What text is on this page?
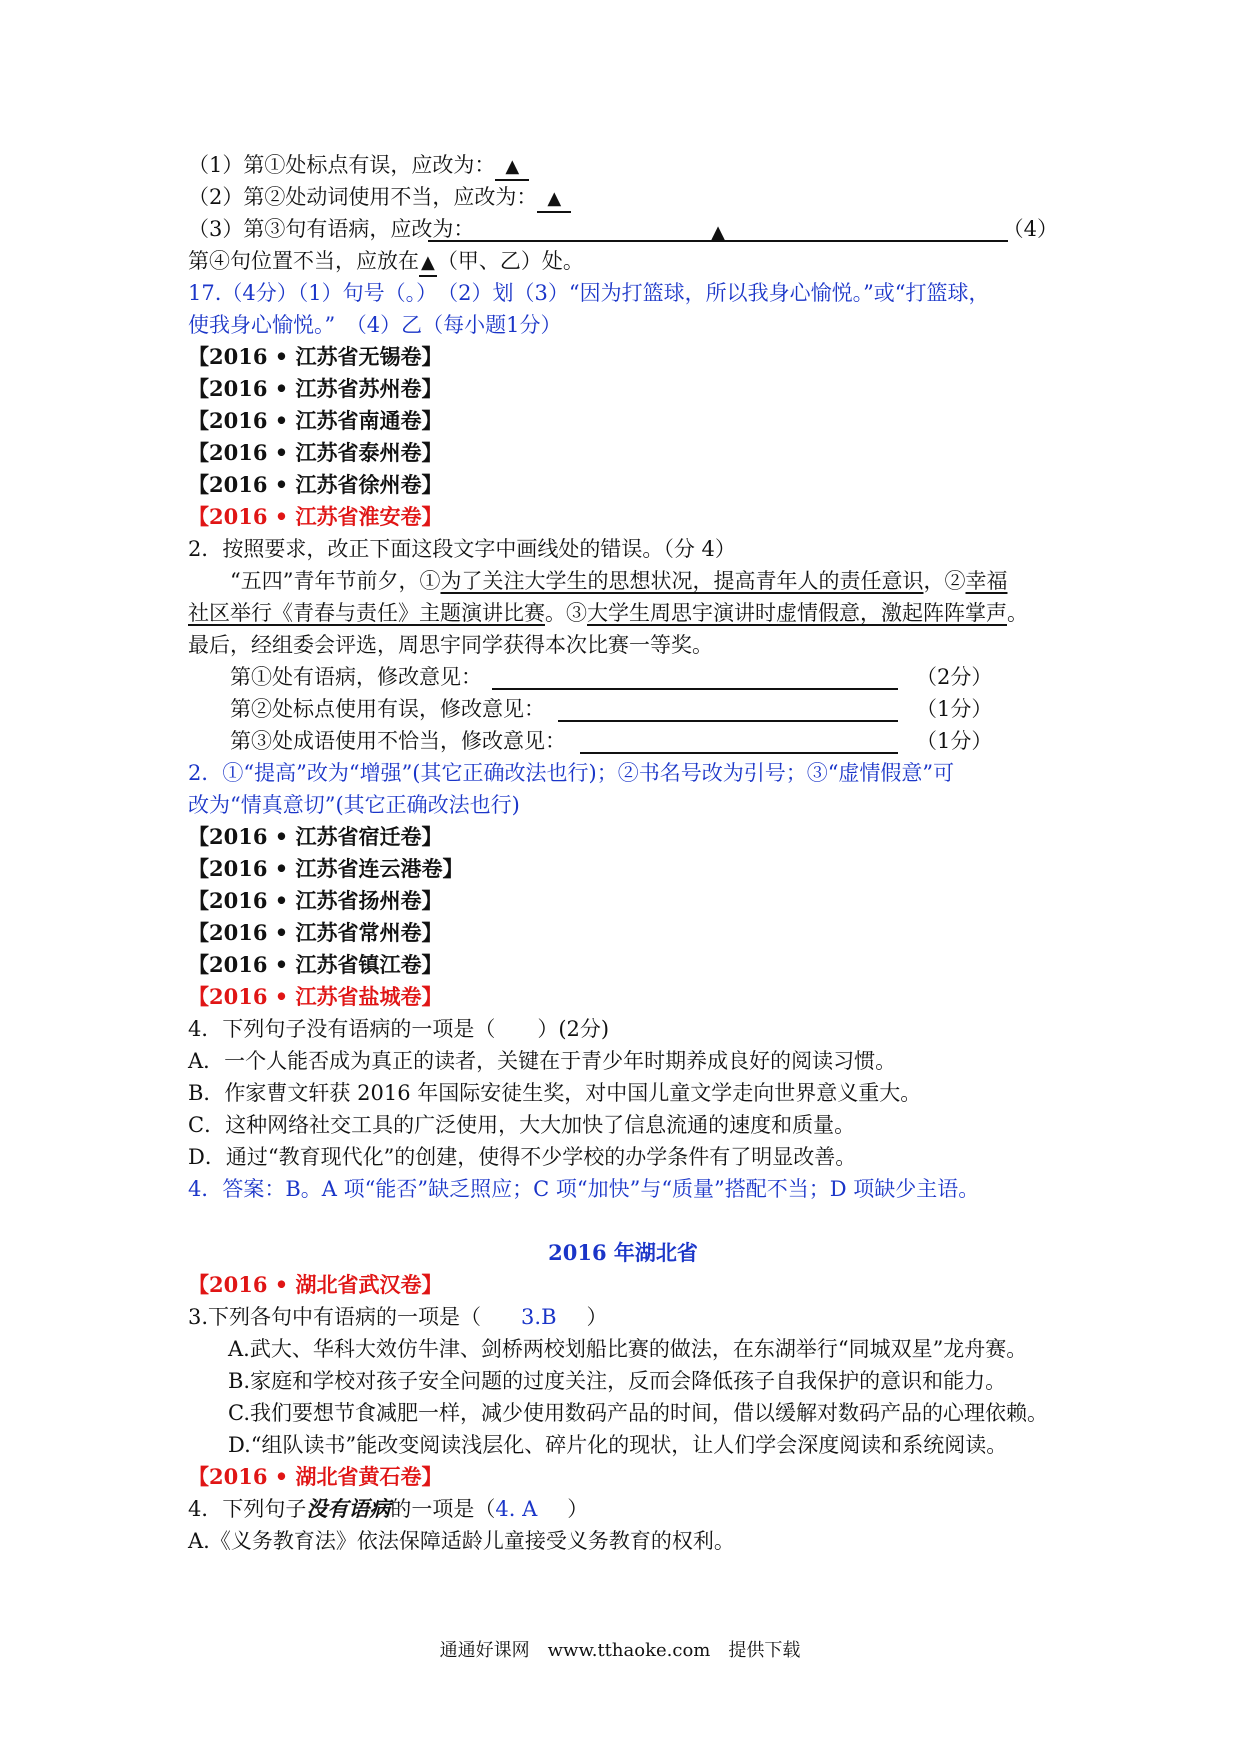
（1）第①处标点有误，应改为： ▲
（2）第②处动词使用不当，应改为： ▲
（3）第③句有语病，应改为：	▲	（4）
第④句位置不当，应放在 ▲（甲、乙）处。
17.（4分）（1）句号（。）　（2）划（3）“因为打篮球，所以我身心愉悦。”或“打篮球，
使我身心愉悦。”　（4）乙（每小题1分）
【2016 • 江苏省无锡卷】
【2016 • 江苏省苏州卷】
【2016 • 江苏省南通卷】
【2016 • 江苏省泰州卷】
【2016 • 江苏省徐州卷】
【2016 • 江苏省淮安卷】
2．按照要求，改正下面这段文字中画线处的错误。（分 4）
“五四”青年节前夕，①为了关注大学生的思想状况，提高青年人的责任意识，②幸福
社区举行《青春与责任》主题演讲比赛。③大学生周思宇演讲时虚情假意，激起阵阵掌声。
最后，经组委会评选，周思宇同学获得本次比赛一等奖。
第①处有语病，修改意见：	（2分）
第②处标点使用有误，修改意见：	（1分）
第③处成语使用不恰当，修改意见：	（1分）
2．①“提高”改为“增强”(其它正确改法也行)；②书名号改为引号；③“虚情假意”可
改为“情真意切”(其它正确改法也行)
【2016 • 江苏省宿迁卷】
【2016 • 江苏省连云港卷】
【2016 • 江苏省扬州卷】
【2016 • 江苏省常州卷】
【2016 • 江苏省镇江卷】
【2016 • 江苏省盐城卷】
4．下列句子没有语病的一项是（　　）(2分)
A．一个人能否成为真正的读者，关键在于青少年时期养成良好的阅读习惯。
B．作家曹文轩获 2016 年国际安徒生奖，对中国儿童文学走向世界意义重大。
C．这种网络社交工具的广泛使用，大大加快了信息流通的速度和质量。
D．通过“教育现代化”的创建，使得不少学校的办学条件有了明显改善。
4．答案：B。A 项“能否”缺乏照应；C 项“加快”与“质量”搭配不当；D 项缺少主语。
2016 年湖北省
【2016 • 湖北省武汉卷】
3.下列各句中有语病的一项是（ 3.B ）
A.武大、华科大效仿牛津、剑桥两校划船比赛的做法，在东湖举行“同城双星”龙舟赛。
B.家庭和学校对孩子安全问题的过度关注，反而会降低孩子自我保护的意识和能力。
C.我们要想节食减肥一样，减少使用数码产品的时间，借以缓解对数码产品的心理依赖。
D.“组队读书”能改变阅读浅层化、碎片化的现状，让人们学会深度阅读和系统阅读。
【2016 • 湖北省黄石卷】
4．下列句子没有语病的一项是（4. A ）
A.《义务教育法》依法保障适龄儿童接受义务教育的权利。
通通好课网　www.tthaoke.com　提供下载
